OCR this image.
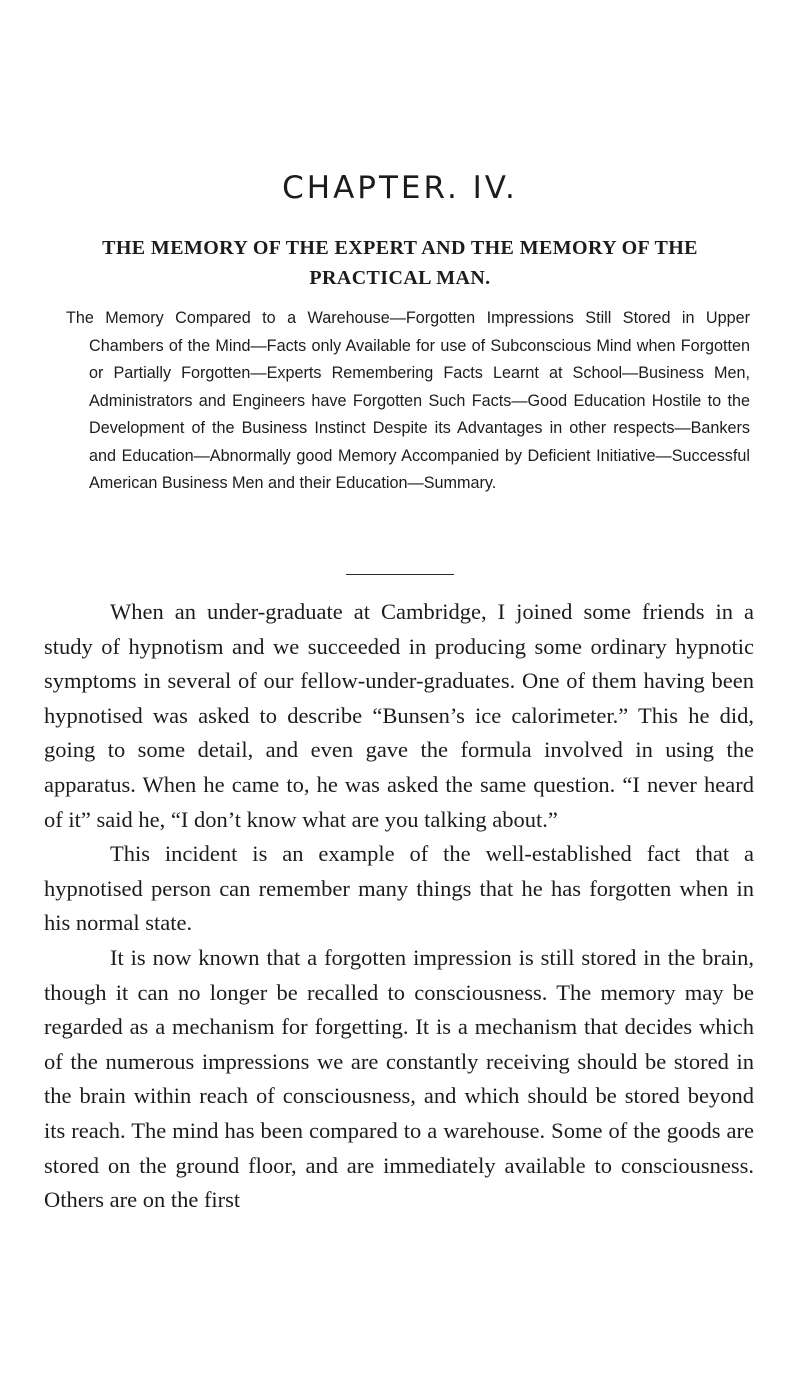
CHAPTER. IV.
THE MEMORY OF THE EXPERT AND THE MEMORY OF THE PRACTICAL MAN.

The Memory Compared to a Warehouse—Forgotten Impressions Still Stored in Upper Chambers of the Mind—Facts only Available for use of Subconscious Mind when Forgotten or Partially Forgotten—Experts Remembering Facts Learnt at School—Business Men, Administrators and Engineers have Forgotten Such Facts—Good Education Hostile to the Development of the Business Instinct Despite its Advantages in other respects—Bankers and Education—Abnormally good Memory Accompanied by Deficient Initiative—Successful American Business Men and their Education—Summary.

When an under-graduate at Cambridge, I joined some friends in a study of hypnotism and we succeeded in producing some ordinary hypnotic symptoms in several of our fellow-under-graduates. One of them having been hypnotised was asked to describe “Bunsen’s ice calorimeter.” This he did, going to some detail, and even gave the formula involved in using the apparatus. When he came to, he was asked the same question. “I never heard of it” said he, “I don’t know what are you talking about.”

This incident is an example of the well-established fact that a hypnotised person can remember many things that he has forgotten when in his normal state.

It is now known that a forgotten impression is still stored in the brain, though it can no longer be recalled to consciousness. The memory may be regarded as a mechanism for forgetting. It is a mechanism that decides which of the numerous impressions we are constantly receiving should be stored in the brain within reach of consciousness, and which should be stored beyond its reach. The mind has been compared to a warehouse. Some of the goods are stored on the ground floor, and are immediately available to consciousness. Others are on the first
